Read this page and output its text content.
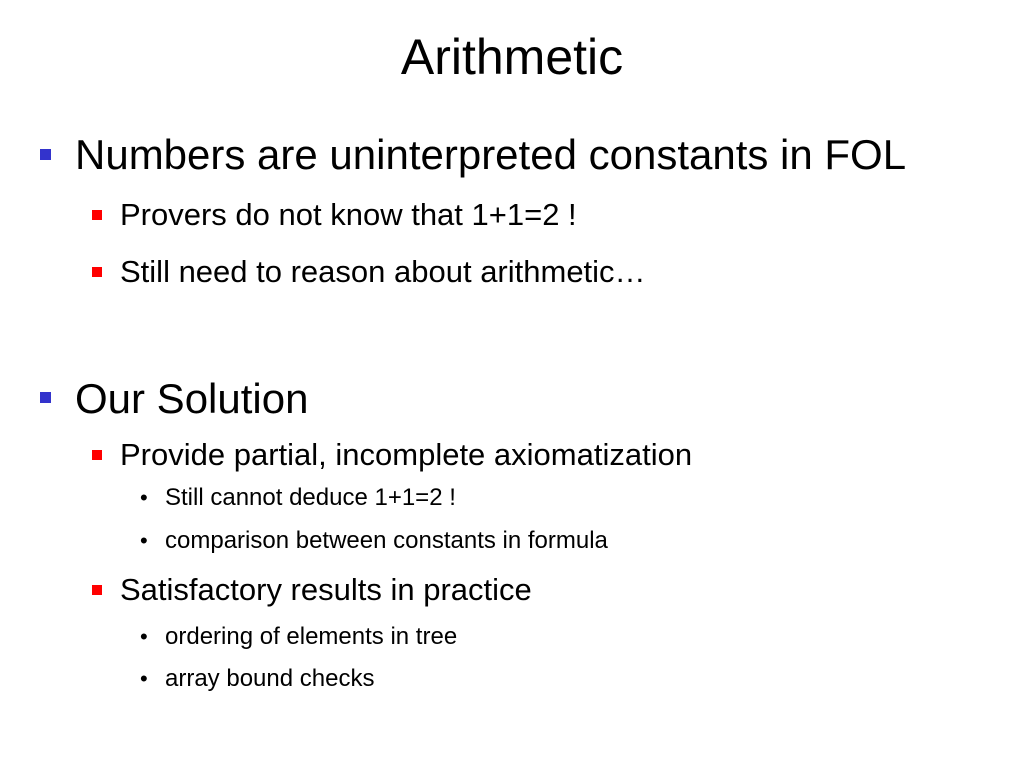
Arithmetic
Numbers are uninterpreted constants in FOL
Provers do not know that 1+1=2 !
Still need to reason about arithmetic…
Our Solution
Provide partial, incomplete axiomatization
• Still cannot deduce 1+1=2 !
• comparison between constants in formula
Satisfactory results in practice
• ordering of elements in tree
• array bound checks
